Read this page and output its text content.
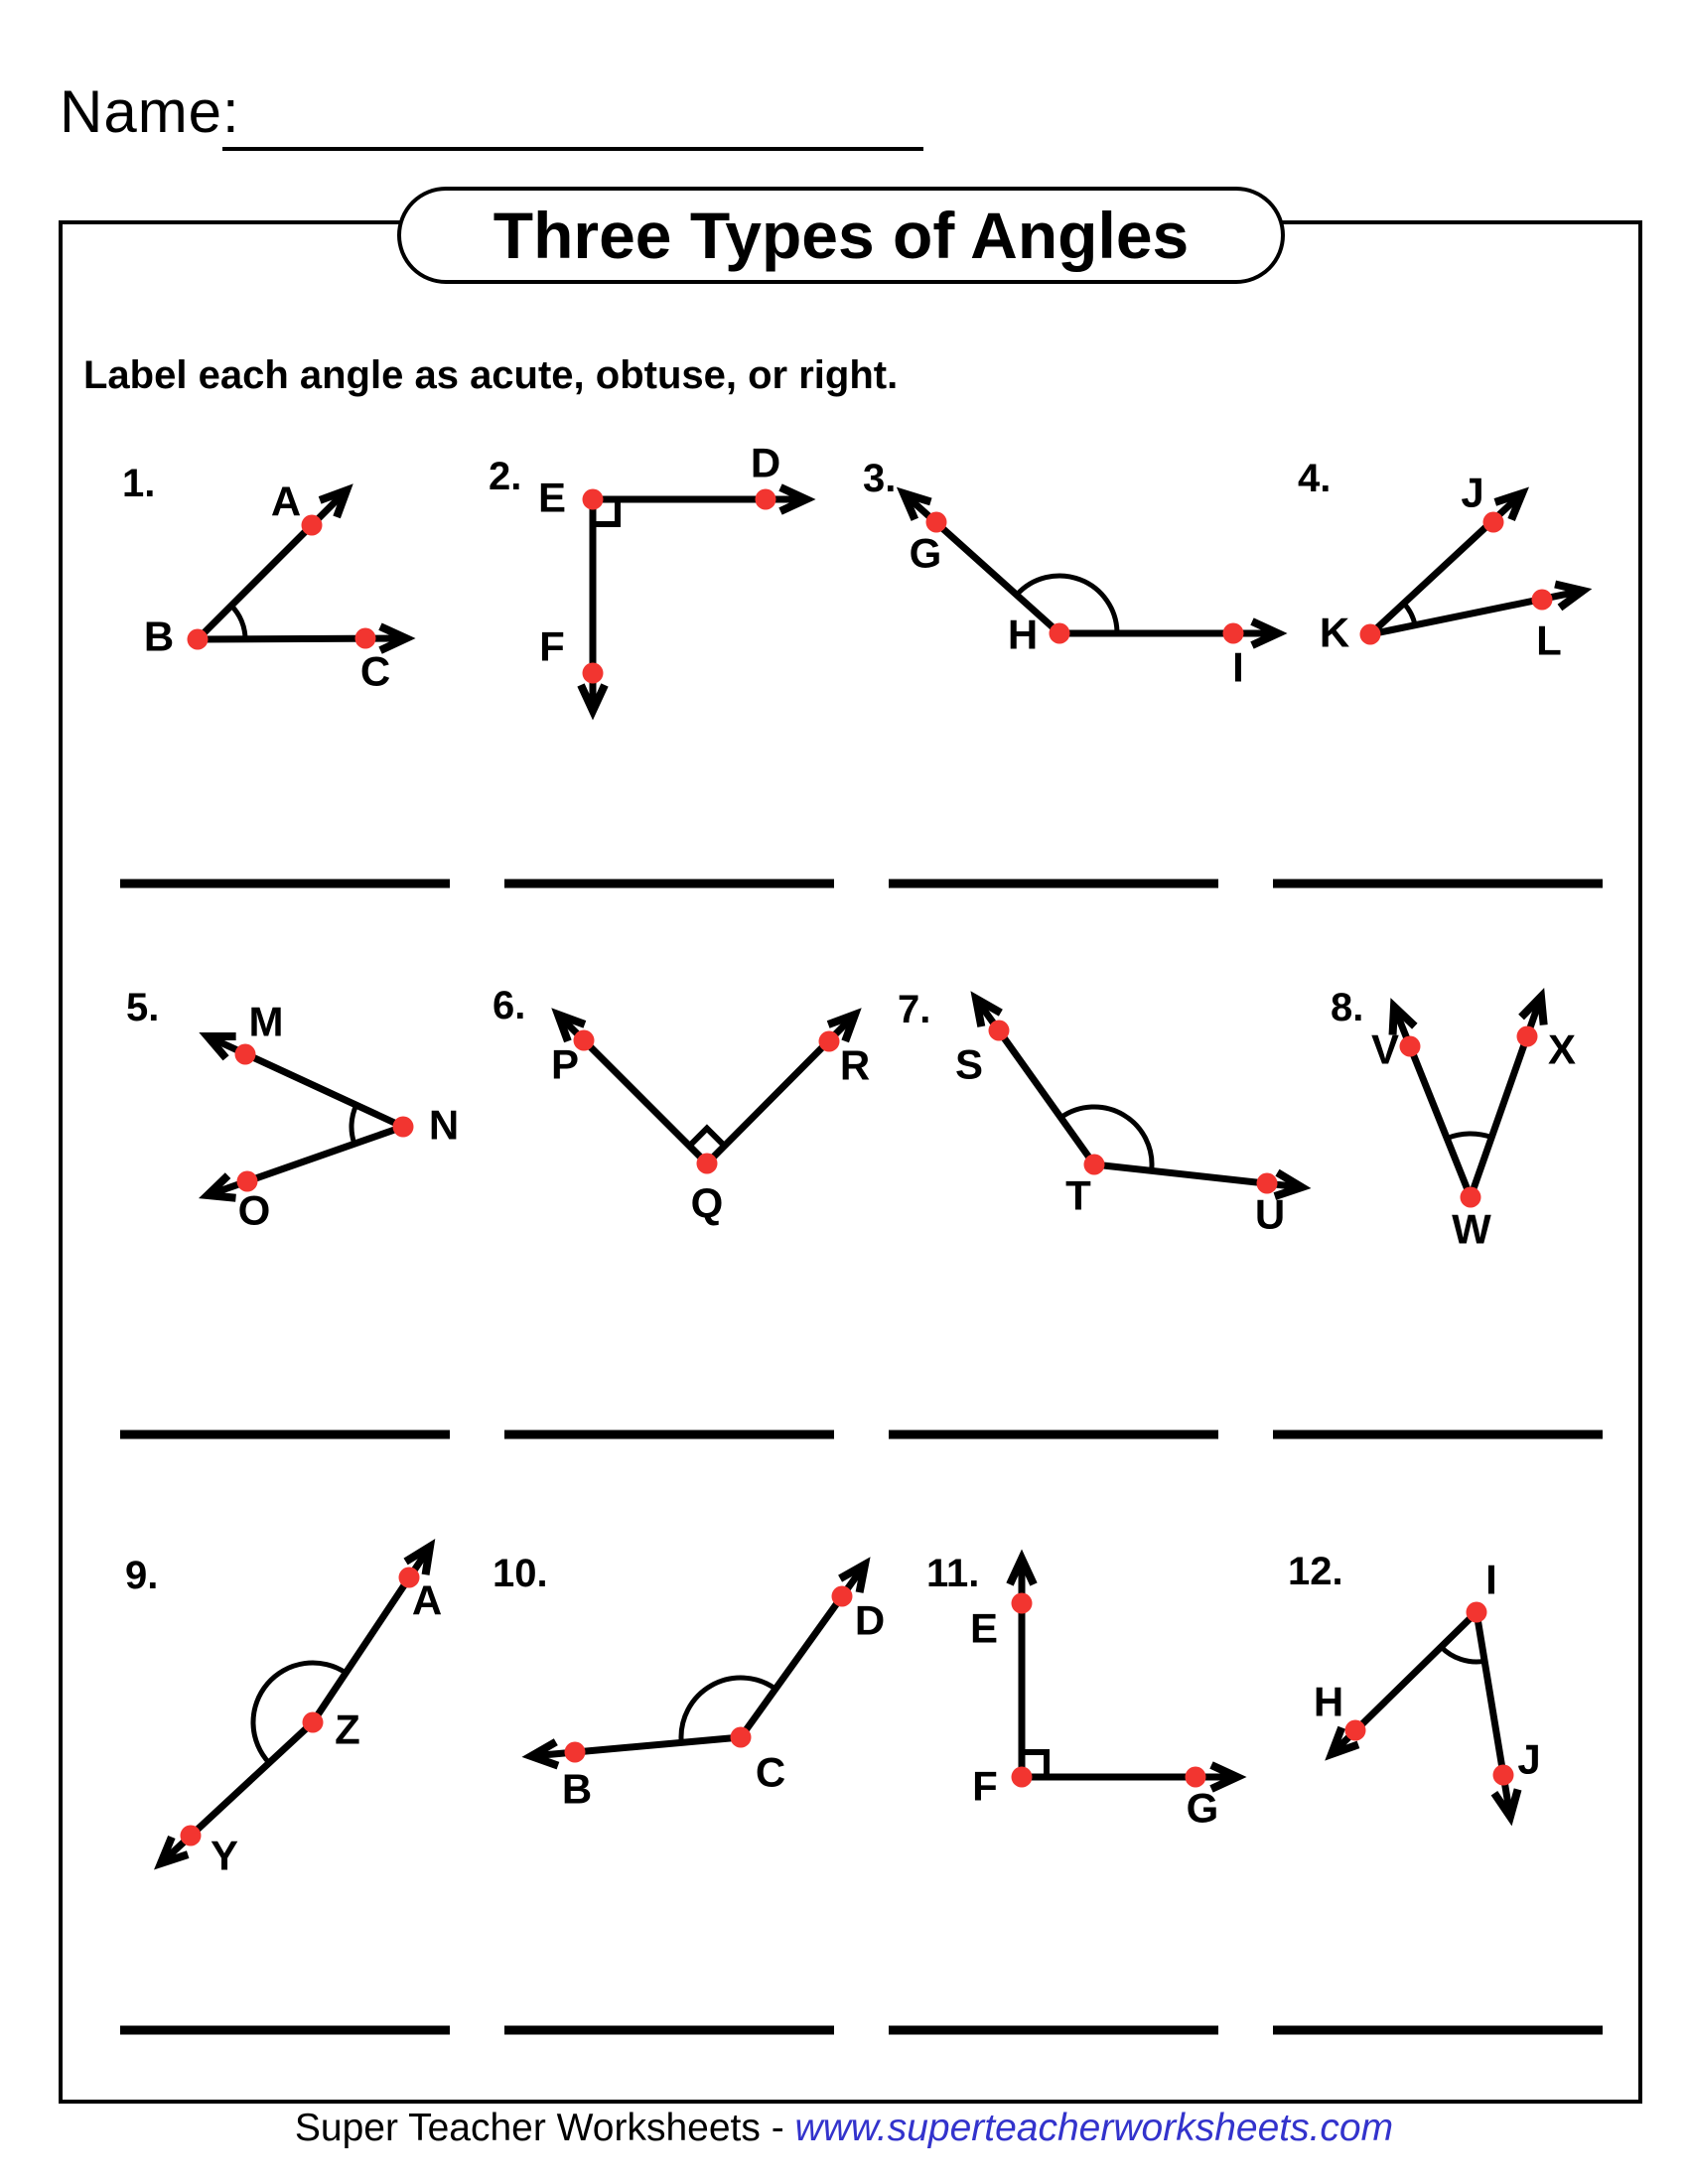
Name:
Three Types of Angles
Label each angle as acute, obtuse, or right.
1.	A
B
C
2. E
D
F
3.
G
H
I
4.	J
K	L
5. M
N
O
6.
P
Q
R
7.
S
T	U
8.
V
W
X
9.
A
Z
Y
10.
B	C
D
11.
E
F	G
12.	I
H
J
Super Teacher Worksheets - www.superteacherworksheets.com
